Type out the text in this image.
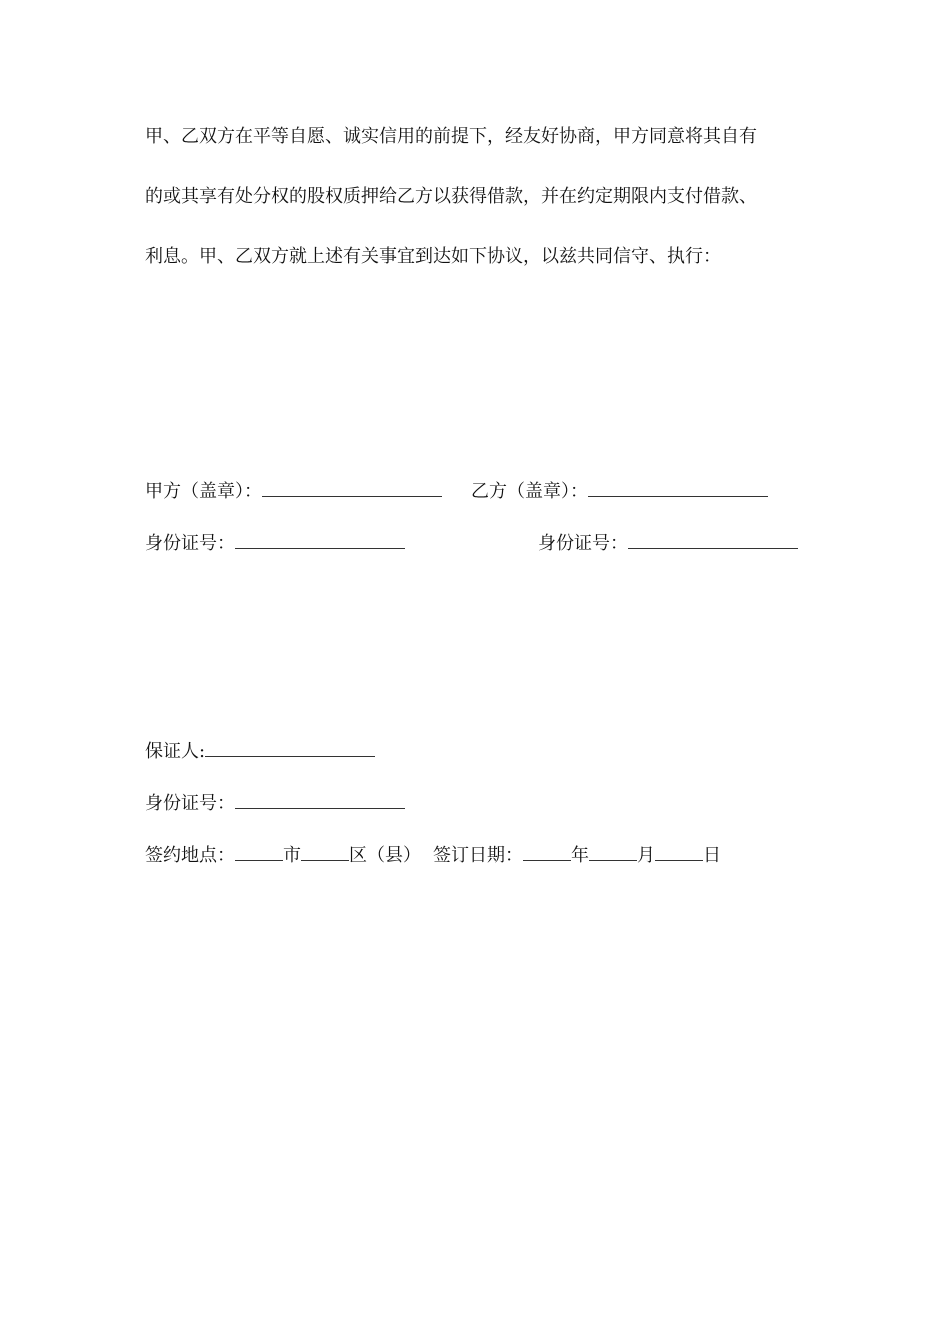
甲、乙双方在平等自愿、诚实信用的前提下，经友好协商，甲方同意将其自有
的或其享有处分权的股权质押给乙方以获得借款，并在约定期限内支付借款、
利息。甲、乙双方就上述有关事宜到达如下协议，以兹共同信守、执行：
甲方（盖章）：	乙方（盖章）：
身份证号：	身份证号：
保证人:
身份证号：
签约地点：	市	区（县） 签订日期：	年	月	日
